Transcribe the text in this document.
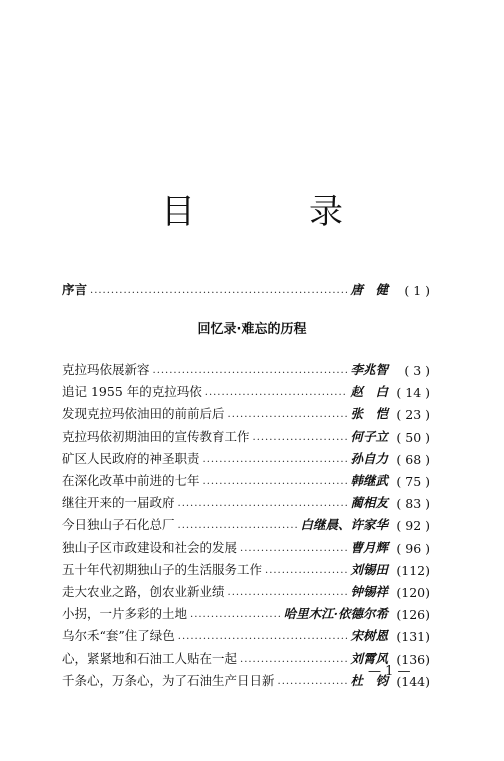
目　录
序言 .....	唐　健	( 1 )
回忆录·难忘的历程
克拉玛依展新容 .....	李兆智	( 3 )
追记 1955 年的克拉玛依 .....	赵　白 ( 14 )
发现克拉玛依油田的前前后后 .....	张　恺 ( 23 )
克拉玛依初期油田的宣传教育工作 .....	何子立 ( 50 )
矿区人民政府的神圣职责 .....	孙自力 ( 68 )
在深化改革中前进的七年 .....	韩继武 ( 75 )
继往开来的一届政府 .....	蔺相友 ( 83 )
今日独山子石化总厂 .....	白继晨、许家华 ( 92 )
独山子区市政建设和社会的发展 .....	曹月辉 ( 96 )
五十年代初期独山子的生活服务工作 .....	刘锡田 (112)
走大农业之路，创农业新业绩 .....	钟锡祥 (120)
小拐，一片多彩的土地 .....	哈里木江·依德尔希 (126)
乌尔禾“套”住了绿色 .....	宋树恩 (131)
心，紧紧地和石油工人贴在一起 .....	刘霄风 (136)
千条心，万条心，为了石油生产日日新 .....	杜　钧 (144)
— 1 —
